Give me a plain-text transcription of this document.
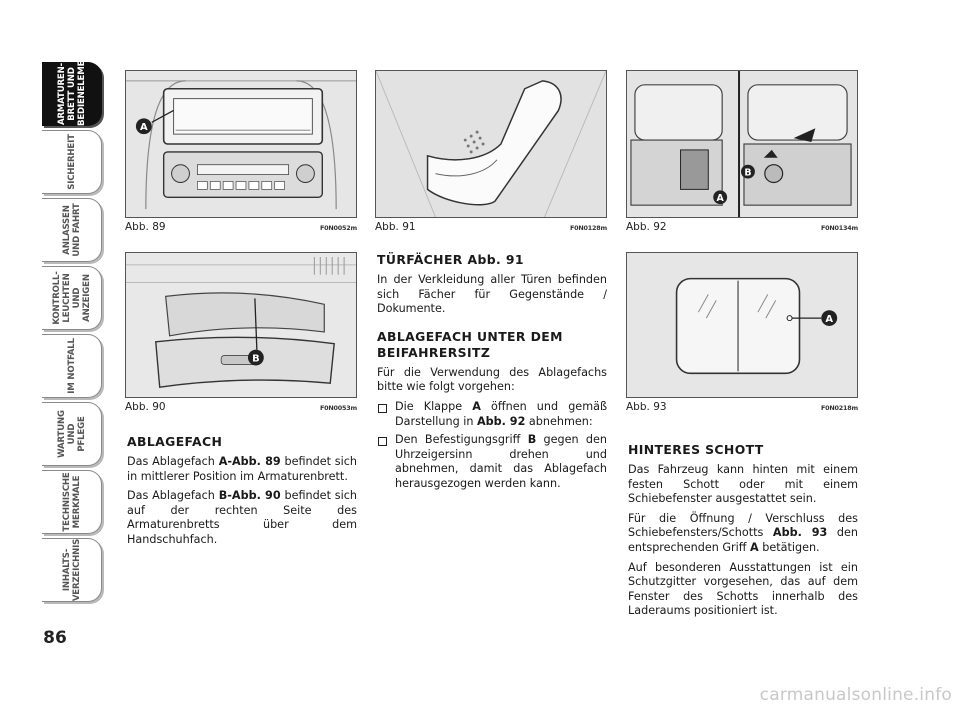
ARMATUREN-
BRETT UND
BEDIENELEMENTE
SICHERHEIT
ANLASSEN
UND FAHRT
KONTROLL-
LEUCHTEN UND
ANZEIGEN
IM NOTFALL
WARTUNG UND
PFLEGE
TECHNISCHE
MERKMALE
INHALTS-
VERZEICHNIS
86
A
Abb. 89	F0N0052m
B
Abb. 90	F0N0053m
Abb. 91	F0N0128m
A
B
Abb. 92	F0N0134m
A
Abb. 93	F0N0218m
ABLAGEFACH

Das Ablagefach A-Abb. 89 befindet sich in mittlerer Position im Armaturenbrett.

Das Ablagefach B-Abb. 90 befindet sich auf der rechten Seite des Armaturenbretts über dem Handschuhfach.

TÜRFÄCHER Abb. 91

In der Verkleidung aller Türen befinden sich Fächer für Gegenstände / Dokumente.

ABLAGEFACH UNTER DEM BEIFAHRERSITZ

Für die Verwendung des Ablagefachs bitte wie folgt vorgehen:

Die Klappe A öffnen und gemäß Darstellung in Abb. 92 abnehmen:
Den Befestigungsgriff B gegen den Uhrzeigersinn drehen und abnehmen, damit das Ablagefach herausgezogen werden kann.
HINTERES SCHOTT

Das Fahrzeug kann hinten mit einem festen Schott oder mit einem Schiebefenster ausgestattet sein.

Für die Öffnung / Verschluss des Schiebefensters/Schotts Abb. 93 den entsprechenden Griff A betätigen.

Auf besonderen Ausstattungen ist ein Schutzgitter vorgesehen, das auf dem Fenster des Schotts innerhalb des Laderaums positioniert ist.

carmanualsonline.info
